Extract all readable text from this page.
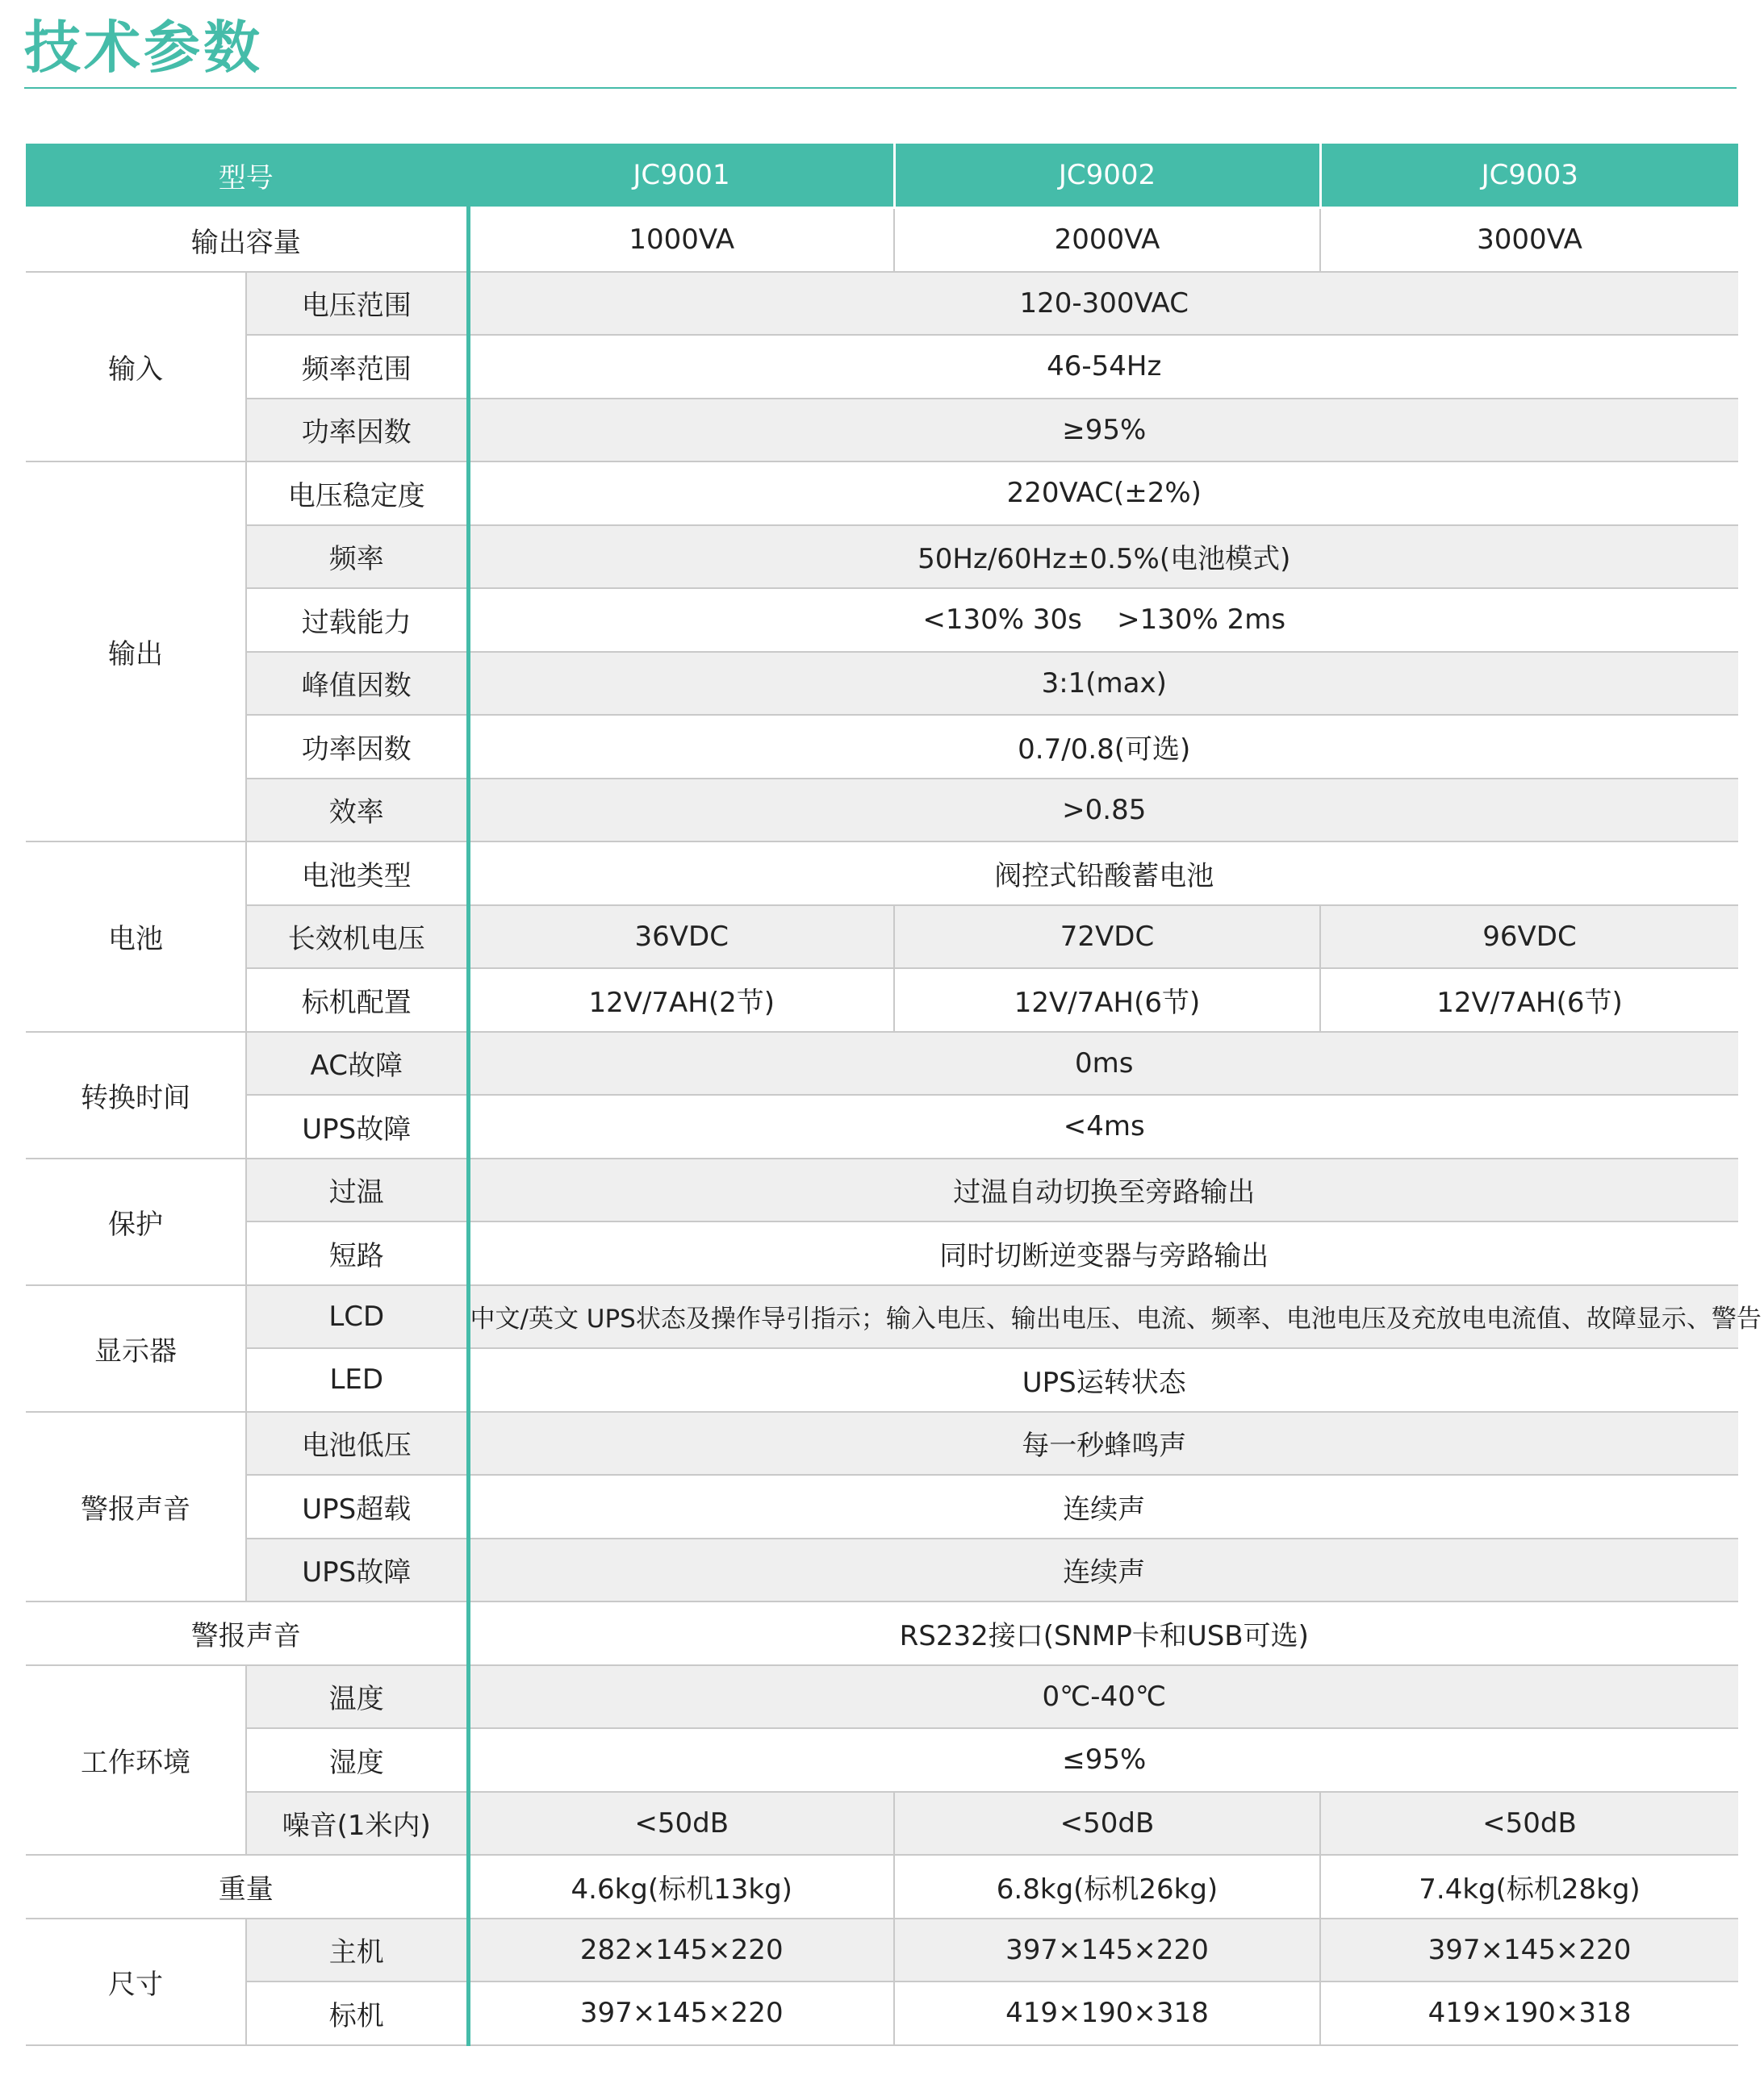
技术参数
型号		JC9001	JC9002	JC9003
输出容量		1000VA	2000VA	3000VA
输入	电压范围	120-300VAC		
	频率范围	46-54Hz		
	功率因数	≥95%		
输出	电压稳定度	220VAC(±2%)		
	频率	50Hz/60Hz±0.5%(电池模式)		
	过载能力	<130% 30s    >130% 2ms		
	峰值因数	3:1(max)		
	功率因数	0.7/0.8(可选)		
	效率	>0.85		
电池	电池类型	阀控式铅酸蓄电池		
	长效机电压	36VDC	72VDC	96VDC
	标机配置	12V/7AH(2节)	12V/7AH(6节)	12V/7AH(6节)
转换时间	AC故障	0ms		
	UPS故障	<4ms		
保护	过温	过温自动切换至旁路输出		
	短路	同时切断逆变器与旁路输出		
显示器	LCD	中文/英文 UPS状态及操作导引指示；输入电压、输出电压、电流、频率、电池电压及充放电电流值、故障显示、警告		
	LED	UPS运转状态		
警报声音	电池低压	每一秒蜂鸣声		
	UPS超载	连续声		
	UPS故障	连续声		
警报声音		RS232接口(SNMP卡和USB可选)		
工作环境	温度	0℃-40℃		
	湿度	≤95%		
	噪音(1米内)	<50dB	<50dB	<50dB
重量		4.6kg(标机13kg)	6.8kg(标机26kg)	7.4kg(标机28kg)
尺寸	主机	282×145×220	397×145×220	397×145×220
	标机	397×145×220	419×190×318	419×190×318
